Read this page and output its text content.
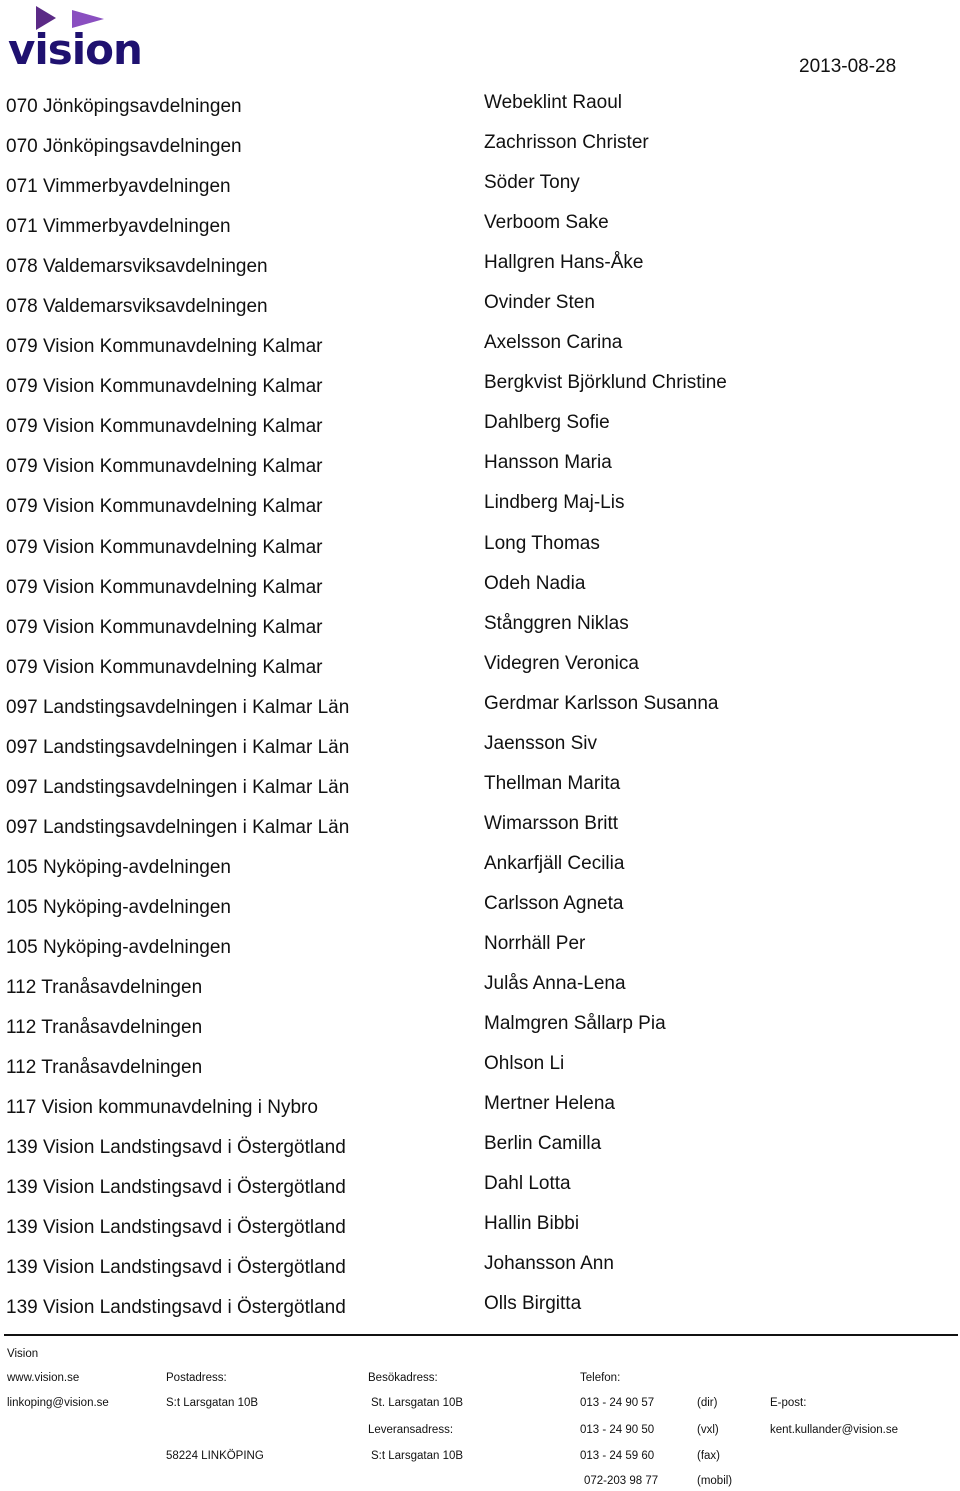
vision	2013-08-28
070 Jönköpingsavdelningen	Webeklint Raoul
070 Jönköpingsavdelningen	Zachrisson Christer
071 Vimmerbyavdelningen	Söder Tony
071 Vimmerbyavdelningen	Verboom Sake
078 Valdemarsviksavdelningen	Hallgren Hans-Åke
078 Valdemarsviksavdelningen	Ovinder Sten
079 Vision Kommunavdelning Kalmar	Axelsson Carina
079 Vision Kommunavdelning Kalmar	Bergkvist Björklund Christine
079 Vision Kommunavdelning Kalmar	Dahlberg Sofie
079 Vision Kommunavdelning Kalmar	Hansson Maria
079 Vision Kommunavdelning Kalmar	Lindberg Maj-Lis
079 Vision Kommunavdelning Kalmar	Long Thomas
079 Vision Kommunavdelning Kalmar	Odeh Nadia
079 Vision Kommunavdelning Kalmar	Stånggren Niklas
079 Vision Kommunavdelning Kalmar	Videgren Veronica
097 Landstingsavdelningen i Kalmar Län	Gerdmar Karlsson Susanna
097 Landstingsavdelningen i Kalmar Län	Jaensson Siv
097 Landstingsavdelningen i Kalmar Län	Thellman Marita
097 Landstingsavdelningen i Kalmar Län	Wimarsson Britt
105 Nyköping-avdelningen	Ankarfjäll Cecilia
105 Nyköping-avdelningen	Carlsson Agneta
105 Nyköping-avdelningen	Norrhäll Per
112 Tranåsavdelningen	Julås Anna-Lena
112 Tranåsavdelningen	Malmgren Sållarp Pia
112 Tranåsavdelningen	Ohlson Li
117 Vision kommunavdelning i Nybro	Mertner Helena
139 Vision Landstingsavd i Östergötland	Berlin Camilla
139 Vision Landstingsavd i Östergötland	Dahl Lotta
139 Vision Landstingsavd i Östergötland	Hallin Bibbi
139 Vision Landstingsavd i Östergötland	Johansson Ann
139 Vision Landstingsavd i Östergötland	Olls Birgitta
Vision
www.vision.se
linkoping@vision.se
Postadress:
S:t Larsgatan 10B
58224 LINKÖPING
Besökadress:
St. Larsgatan 10B
Leveransadress:
S:t Larsgatan 10B
Telefon:
013 - 24 90 57	(dir)
013 - 24 90 50	(vxl)
013 - 24 59 60	(fax)
072-203 98 77	(mobil)
E-post:
kent.kullander@vision.se
